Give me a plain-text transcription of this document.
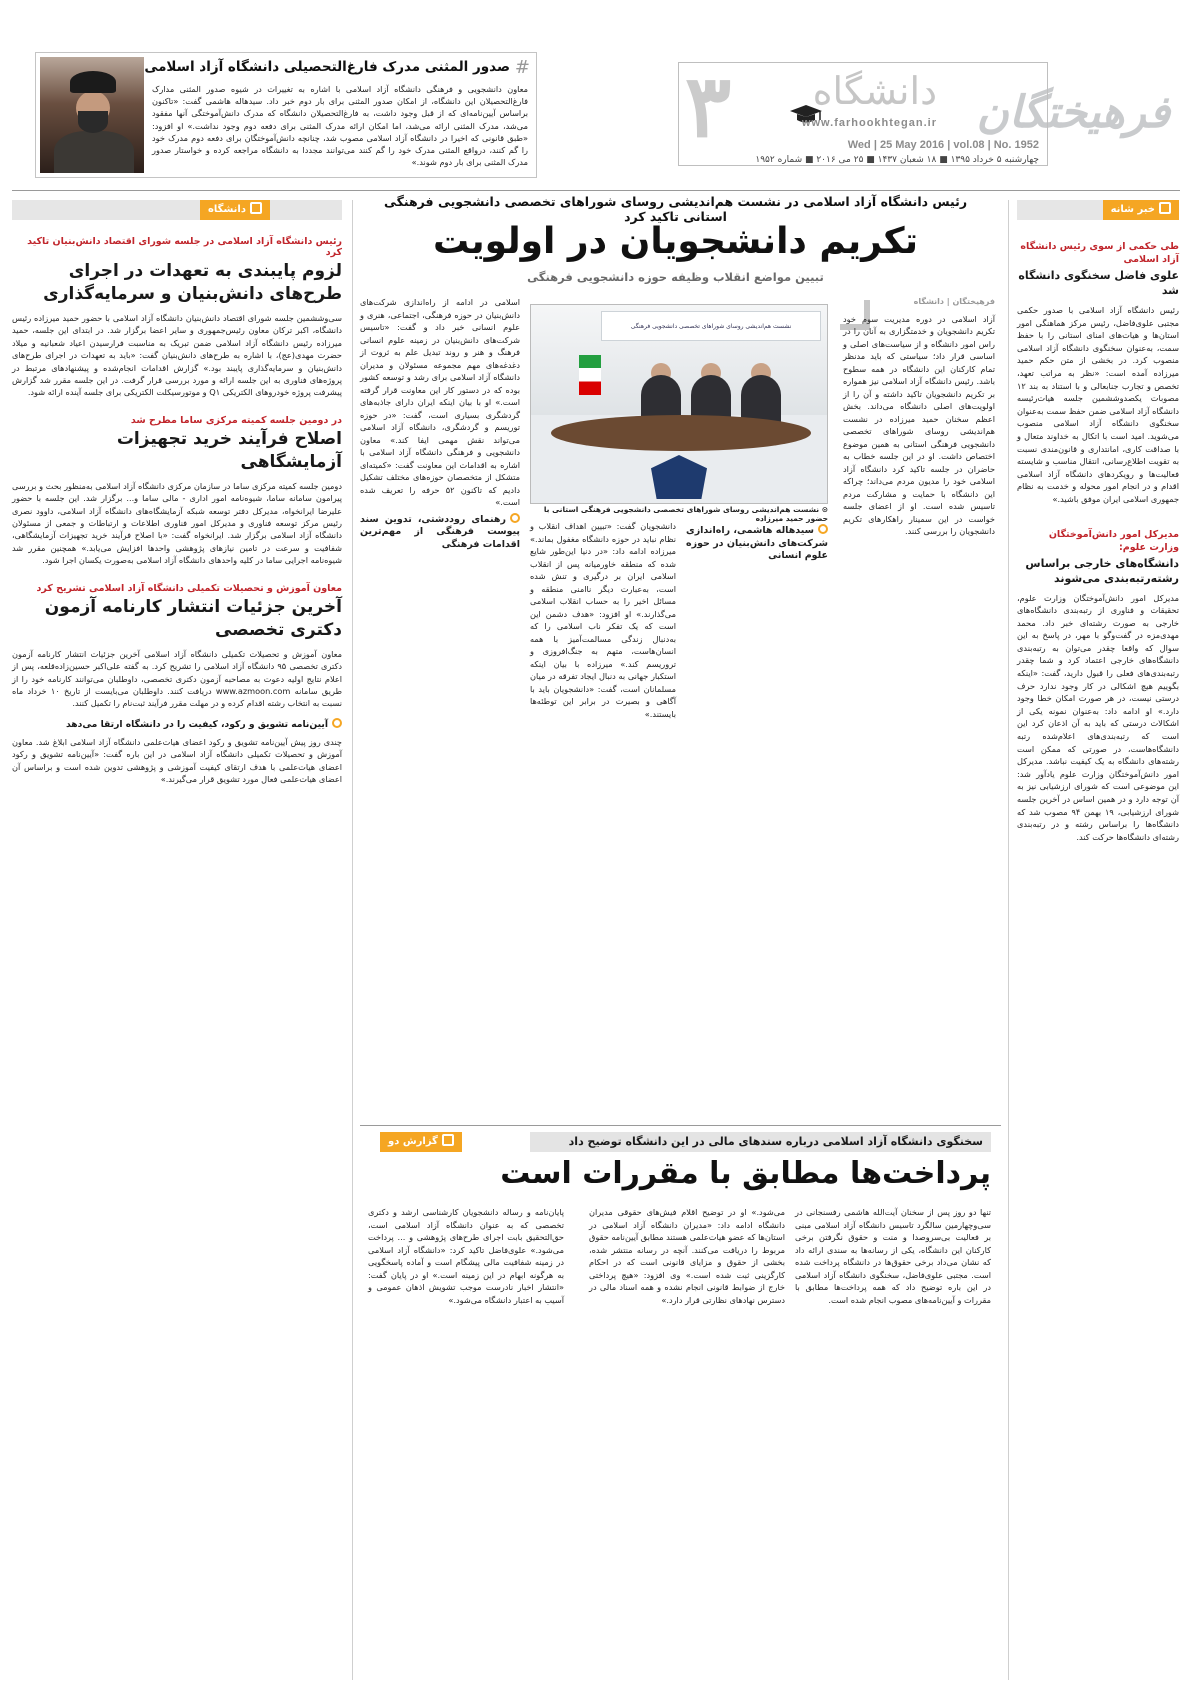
فرهیختگان
دانشگاه
۳	www.farhookhtegan.ir
Wed | 25 May 2016 | vol.08 | No. 1952
چهارشنبه ۵ خرداد ۱۳۹۵ ■ ۱۸ شعبان ۱۴۳۷ ■ ۲۵ می ۲۰۱۶ ■ شماره ۱۹۵۲
#
صدور المثنی مدرک فارغ‌التحصیلی دانشگاه آزاد اسلامی
معاون دانشجویی و فرهنگی دانشگاه آزاد اسلامی با اشاره به تغییرات در شیوه صدور المثنی مدارک فارغ‌التحصیلان این دانشگاه، از امکان صدور المثنی برای بار دوم خبر داد. سیدهاله هاشمی گفت: «تاکنون براساس آیین‌نامه‌ای که از قبل وجود داشت، به فارغ‌التحصیلان دانشگاه که مدرک دانش‌آموختگی آنها مفقود می‌شد، مدرک المثنی ارائه می‌شد، اما امکان ارائه مدرک المثنی برای دفعه دوم وجود نداشت.» او افزود: «طبق قانونی که اخیرا در دانشگاه آزاد اسلامی مصوب شد، چنانچه دانش‌آموختگان برای دفعه دوم مدرک خود را گم کنند، درواقع المثنی مدرک خود را گم کنند می‌توانند مجددا به دانشگاه مراجعه کرده و خواستار صدور مدرک المثنی برای بار دوم شوند.»
خبر شانه
طی حکمی از سوی رئیس دانشگاه آزاد اسلامی
علوی فاضل سخنگوی دانشگاه شد
رئیس دانشگاه آزاد اسلامی با صدور حکمی مجتبی علوی‌فاضل، رئیس مرکز هماهنگی امور استان‌ها و هیات‌های امنای استانی را با حفظ سمت، به‌عنوان سخنگوی دانشگاه آزاد اسلامی منصوب کرد. در بخشی از متن حکم حمید میرزاده آمده است: «نظر به مراتب تعهد، تخصص و تجارب جنابعالی و با استناد به بند ۱۲ مصوبات یکصدوششمین جلسه هیات‌رئیسه دانشگاه آزاد اسلامی ضمن حفظ سمت به‌عنوان سخنگوی دانشگاه آزاد اسلامی منصوب می‌شوید. امید است با اتکال به خداوند متعال و با صداقت کاری، امانتداری و قانون‌مندی نسبت به تقویت اطلاع‌رسانی، انتقال مناسب و شایسته فعالیت‌ها و رویکردهای دانشگاه آزاد اسلامی اقدام و در انجام امور محوله و خدمت به نظام جمهوری اسلامی ایران موفق باشید.»
مدیرکل امور دانش‌آموختگان وزارت علوم:
دانشگاه‌های خارجی براساس رشته‌رتبه‌بندی می‌شوند
مدیرکل امور دانش‌آموختگان وزارت علوم، تحقیقات و فناوری از رتبه‌بندی دانشگاه‌های خارجی به صورت رشته‌ای خبر داد. محمد مهدی‌مزه در گفت‌وگو با مهر، در پاسخ به این سوال که واقعا چقدر می‌توان به رتبه‌بندی دانشگاه‌های خارجی اعتماد کرد و شما چقدر رتبه‌بندی‌های فعلی را قبول دارید، گفت: «اینکه بگوییم هیچ اشکالی در کار وجود ندارد حرف درستی نیست، در هر صورت امکان خطا وجود دارد.» او ادامه داد: به‌عنوان نمونه یکی از اشکالات درستی که باید به آن اذعان کرد این است که رتبه‌بندی‌های اعلام‌شده رتبه دانشگاه‌هاست، در صورتی که ممکن است رشته‌های دانشگاه به یک کیفیت نباشد. مدیرکل امور دانش‌آموختگان وزارت علوم یادآور شد: این موضوعی است که شورای ارزشیابی نیز به آن توجه دارد و در همین اساس در آخرین جلسه شورای ارزشیابی، ۱۹ بهمن ۹۴ مصوب شد که دانشگاه‌ها را براساس رشته و در رتبه‌بندی رشته‌ای دانشگاه‌ها حرکت کند.
دانشگاه
رئیس دانشگاه آزاد اسلامی در جلسه شورای اقتصاد دانش‌بنیان تاکید کرد
لزوم پایبندی به تعهدات در اجرای طرح‌های دانش‌بنیان و سرمایه‌گذاری
سی‌وششمین جلسه شورای اقتصاد دانش‌بنیان دانشگاه آزاد اسلامی با حضور حمید میرزاده رئیس دانشگاه، اکبر ترکان معاون رئیس‌جمهوری و سایر اعضا برگزار شد. در ابتدای این جلسه، حمید میرزاده رئیس دانشگاه آزاد اسلامی ضمن تبریک به مناسبت فرارسیدن اعیاد شعبانیه و میلاد حضرت مهدی(عج)، با اشاره به طرح‌های دانش‌بنیان گفت: «باید به تعهدات در اجرای طرح‌های دانش‌بنیان و سرمایه‌گذاری پایبند بود.» گزارش اقدامات انجام‌شده و پیشنهادهای مرتبط در پروژه‌های فناوری به این جلسه ارائه و مورد بررسی قرار گرفت. در این جلسه مقرر شد گزارش پیشرفت پروژه خودروهای الکتریکی Q۱ و موتورسیکلت الکتریکی برای جلسه آینده ارائه شود.
در دومین جلسه کمیته مرکزی ساما مطرح شد
اصلاح فرآیند خرید تجهیزات آزمایشگاهی
دومین جلسه کمیته مرکزی ساما در سازمان مرکزی دانشگاه آزاد اسلامی به‌منظور بحث و بررسی پیرامون سامانه ساما، شیوه‌نامه امور اداری - مالی ساما و... برگزار شد. این جلسه با حضور علیرضا ایرانخواه، مدیرکل دفتر توسعه شبکه آزمایشگاه‌های دانشگاه آزاد اسلامی، داوود نصری رئیس مرکز توسعه فناوری و مدیرکل امور فناوری اطلاعات و ارتباطات و جمعی از مسئولان دانشگاه آزاد اسلامی برگزار شد. ایرانخواه گفت: «با اصلاح فرآیند خرید تجهیزات آزمایشگاهی، شفافیت و سرعت در تامین نیازهای پژوهشی واحدها افزایش می‌یابد.» همچنین مقرر شد شیوه‌نامه اجرایی ساما در کلیه واحدهای دانشگاه آزاد اسلامی به‌صورت یکسان اجرا شود.
معاون آموزش و تحصیلات تکمیلی دانشگاه آزاد اسلامی تشریح کرد
آخرین جزئیات انتشار کارنامه آزمون دکتری تخصصی
معاون آموزش و تحصیلات تکمیلی دانشگاه آزاد اسلامی آخرین جزئیات انتشار کارنامه آزمون دکتری تخصصی ۹۵ دانشگاه آزاد اسلامی را تشریح کرد. به گفته علی‌اکبر حسین‌زاده‌قلعه، پس از اعلام نتایج اولیه دعوت به مصاحبه آزمون دکتری تخصصی، داوطلبان می‌توانند کارنامه خود را از طریق سامانه www.azmoon.com دریافت کنند. داوطلبان می‌بایست از تاریخ ۱۰ خرداد ماه نسبت به انتخاب رشته اقدام کرده و در مهلت مقرر فرآیند ثبت‌نام را تکمیل کنند.
آیین‌نامه تشویق و رکود، کیفیت را در دانشگاه ارتقا می‌دهد
چندی روز پیش آیین‌نامه تشویق و رکود اعضای هیات‌علمی دانشگاه آزاد اسلامی ابلاغ شد. معاون آموزش و تحصیلات تکمیلی دانشگاه آزاد اسلامی در این باره گفت: «آیین‌نامه تشویق و رکود اعضای هیات‌علمی با هدف ارتقای کیفیت آموزشی و پژوهشی تدوین شده است و براساس آن اعضای هیات‌علمی فعال مورد تشویق قرار می‌گیرند.»
رئیس دانشگاه آزاد اسلامی در نشست هم‌اندیشی روسای شوراهای تخصصی دانشجویی فرهنگی استانی تاکید کرد
تکریم دانشجویان در اولویت
تبیین مواضع انقلاب وظیفه حوزه دانشجویی فرهنگی
نشست هم‌اندیشی روسای شوراهای تخصصی دانشجویی فرهنگی
⊙ نشست هم‌اندیشی روسای شوراهای تخصصی دانشجویی فرهنگی استانی با حضور حمید میرزاده
فرهیختگان | دانشگاه
آزاد اسلامی در دوره مدیریت سوم خود تکریم دانشجویان و خدمتگزاری به آنان را در راس امور دانشگاه و از سیاست‌های اصلی و اساسی قرار داد؛ سیاستی که باید مدنظر تمام کارکنان این دانشگاه در همه سطوح باشد. رئیس دانشگاه آزاد اسلامی نیز همواره بر تکریم دانشجویان تاکید داشته و آن را از اولویت‌های اصلی دانشگاه می‌داند. بخش اعظم سخنان حمید میرزاده در نشست هم‌اندیشی روسای شوراهای تخصصی دانشجویی فرهنگی استانی به همین موضوع اختصاص داشت. او در این جلسه خطاب به حاضران در جلسه تاکید کرد دانشگاه آزاد اسلامی خود را مدیون مردم می‌داند؛ چراکه این دانشگاه با حمایت و مشارکت مردم تاسیس شده است. او از اعضای جلسه خواست در این سمینار راهکارهای تکریم دانشجویان را بررسی کنند.
دانشجویان گفت: «تبیین اهداف انقلاب و نظام نباید در حوزه دانشگاه مغفول بماند.» میرزاده ادامه داد: «در دنیا این‌طور شایع شده که منطقه خاورمیانه پس از انقلاب اسلامی ایران بر درگیری و تنش شده است، به‌عبارت دیگر ناامنی منطقه و مسائل اخیر را به حساب انقلاب اسلامی می‌گذارند.» او افزود: «هدف دشمن این است که یک تفکر ناب اسلامی را که به‌دنبال زندگی مسالمت‌آمیز با همه انسان‌هاست، متهم به جنگ‌افروزی و تروریسم کند.» میرزاده با بیان اینکه استکبار جهانی به دنبال ایجاد تفرقه در میان مسلمانان است، گفت: «دانشجویان باید با آگاهی و بصیرت در برابر این توطئه‌ها بایستند.»
اسلامی در ادامه از راه‌اندازی شرکت‌های دانش‌بنیان در حوزه فرهنگی، اجتماعی، هنری و علوم انسانی خبر داد و گفت: «تاسیس شرکت‌های دانش‌بنیان در زمینه علوم انسانی فرهنگ و هنر و روند تبدیل علم به ثروت از دغدغه‌های مهم مجموعه مسئولان و مدیران دانشگاه آزاد اسلامی برای رشد و توسعه کشور بوده که در دستور کار این معاونت قرار گرفته است.» او با بیان اینکه ایران دارای جاذبه‌های گردشگری بسیاری است، گفت: «در حوزه توریسم و گردشگری، دانشگاه آزاد اسلامی می‌تواند نقش مهمی ایفا کند.» معاون دانشجویی و فرهنگی دانشگاه آزاد اسلامی با اشاره به اقدامات این معاونت گفت: «کمیته‌ای متشکل از متخصصان حوزه‌های مختلف تشکیل دادیم که تاکنون ۵۲ حرفه را تعریف شده است.»
رهنمای روددشتی، تدوین سند پیوست فرهنگی از مهم‌ترین اقدامات فرهنگی
سیدهاله هاشمی، راه‌اندازی شرکت‌های دانش‌بنیان در حوزه علوم انسانی
گزارش دو	سخنگوی دانشگاه آزاد اسلامی درباره سندهای مالی در این دانشگاه توضیح داد
پرداخت‌ها مطابق با مقررات است
تنها دو روز پس از سخنان آیت‌الله هاشمی رفسنجانی در سی‌وچهارمین سالگرد تاسیس دانشگاه آزاد اسلامی مبنی بر فعالیت بی‌سروصدا و منت و حقوق نگرفتن برخی کارکنان این دانشگاه، یکی از رسانه‌ها به سندی ارائه داد که نشان می‌داد برخی حقوق‌ها در دانشگاه پرداخت شده است. مجتبی علوی‌فاضل، سخنگوی دانشگاه آزاد اسلامی در این باره توضیح داد که همه پرداخت‌ها مطابق با مقررات و آیین‌نامه‌های مصوب انجام شده است.
می‌شود.» او در توضیح اقلام فیش‌های حقوقی مدیران دانشگاه ادامه داد: «مدیران دانشگاه آزاد اسلامی در استان‌ها که عضو هیات‌علمی هستند مطابق آیین‌نامه حقوق مربوط را دریافت می‌کنند. آنچه در رسانه منتشر شده، بخشی از حقوق و مزایای قانونی است که در احکام کارگزینی ثبت شده است.» وی افزود: «هیچ پرداختی خارج از ضوابط قانونی انجام نشده و همه اسناد مالی در دسترس نهادهای نظارتی قرار دارد.»
پایان‌نامه و رساله دانشجویان کارشناسی ارشد و دکتری تخصصی که به عنوان دانشگاه آزاد اسلامی است، حق‌التحقیق بابت اجرای طرح‌های پژوهشی و ... پرداخت می‌شود.» علوی‌فاضل تاکید کرد: «دانشگاه آزاد اسلامی در زمینه شفافیت مالی پیشگام است و آماده پاسخگویی به هرگونه ابهام در این زمینه است.» او در پایان گفت: «انتشار اخبار نادرست موجب تشویش اذهان عمومی و آسیب به اعتبار دانشگاه می‌شود.»
